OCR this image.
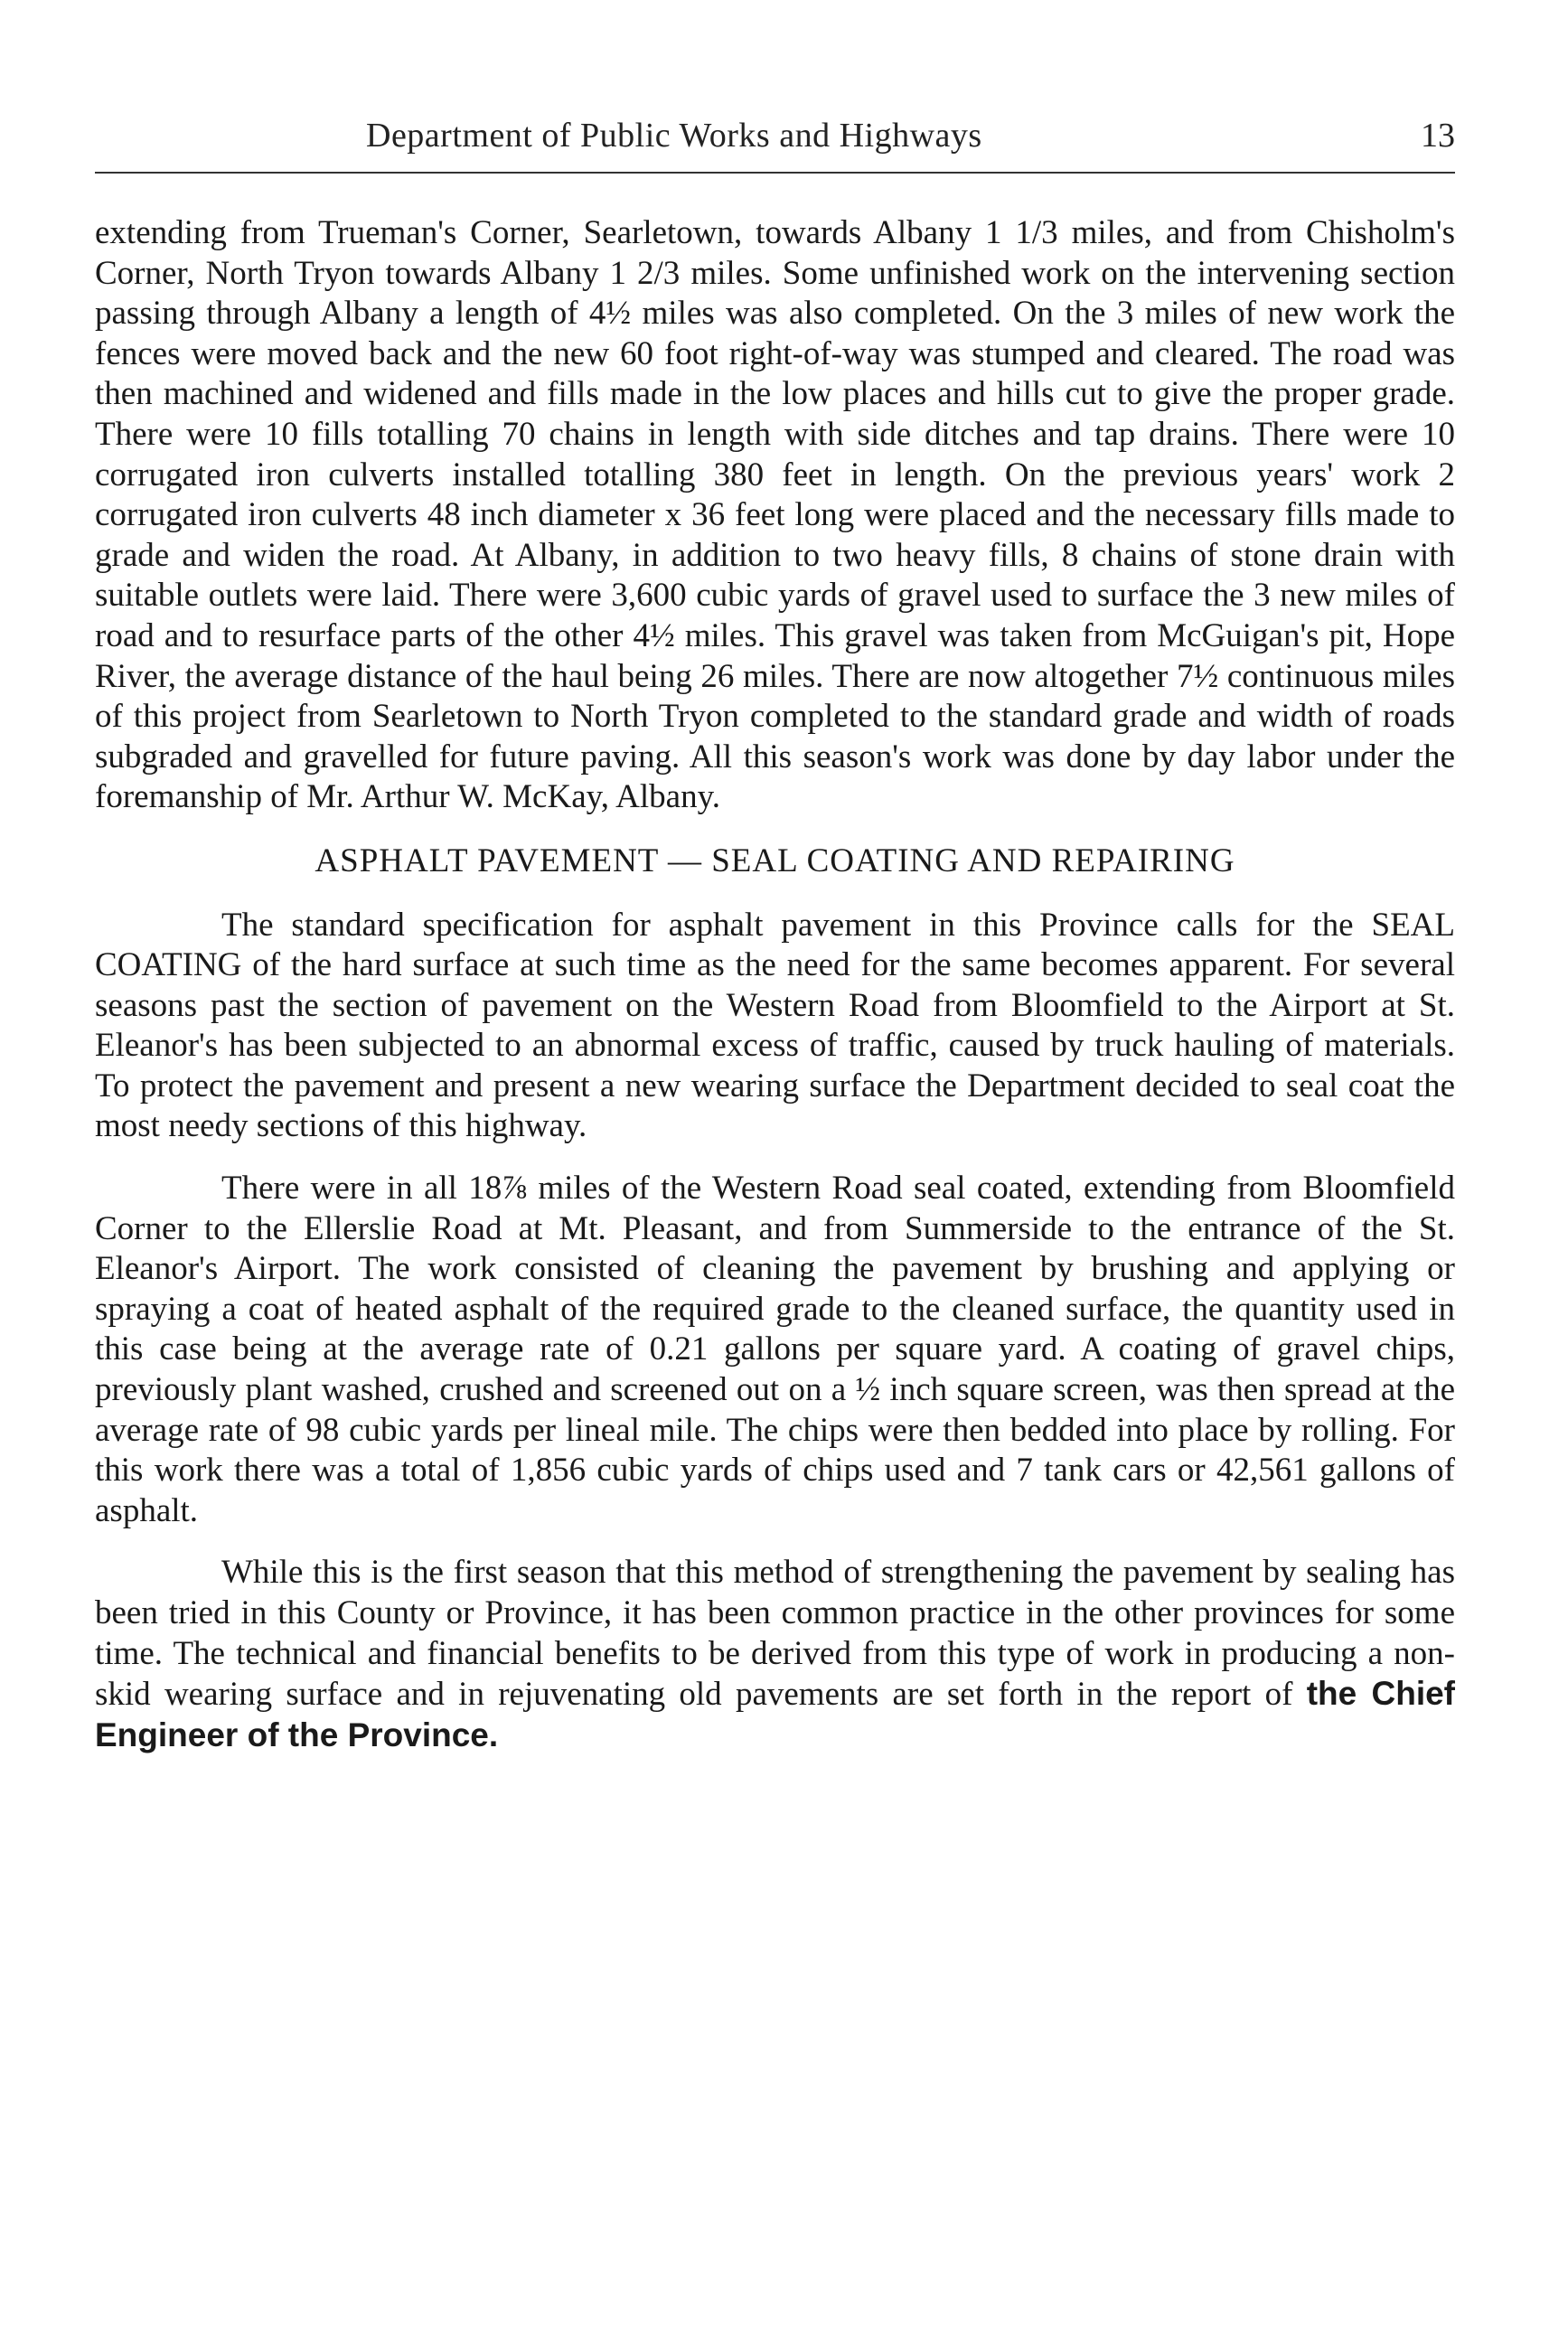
Department of Public Works and Highways	13

extending from Trueman's Corner, Searletown, towards Albany 1 1/3 miles, and from Chisholm's Corner, North Tryon towards Albany 1 2/3 miles. Some unfinished work on the intervening section passing through Albany a length of 4½ miles was also completed. On the 3 miles of new work the fences were moved back and the new 60 foot right-of-way was stumped and cleared. The road was then machined and widened and fills made in the low places and hills cut to give the proper grade. There were 10 fills totalling 70 chains in length with side ditches and tap drains. There were 10 corrugated iron culverts installed totalling 380 feet in length. On the previous years' work 2 corrugated iron culverts 48 inch diameter x 36 feet long were placed and the necessary fills made to grade and widen the road. At Albany, in addition to two heavy fills, 8 chains of stone drain with suitable outlets were laid. There were 3,600 cubic yards of gravel used to surface the 3 new miles of road and to resurface parts of the other 4½ miles. This gravel was taken from McGuigan's pit, Hope River, the average distance of the haul being 26 miles. There are now altogether 7½ continuous miles of this project from Searletown to North Tryon completed to the standard grade and width of roads subgraded and gravelled for future paving. All this season's work was done by day labor under the foremanship of Mr. Arthur W. McKay, Albany.

ASPHALT PAVEMENT — SEAL COATING AND REPAIRING

The standard specification for asphalt pavement in this Province calls for the SEAL COATING of the hard surface at such time as the need for the same becomes apparent. For several seasons past the section of pavement on the Western Road from Bloomfield to the Airport at St. Eleanor's has been subjected to an abnormal excess of traffic, caused by truck hauling of materials. To protect the pavement and present a new wearing surface the Department decided to seal coat the most needy sections of this highway.

There were in all 18⅞ miles of the Western Road seal coated, extending from Bloomfield Corner to the Ellerslie Road at Mt. Pleasant, and from Summerside to the entrance of the St. Eleanor's Airport. The work consisted of cleaning the pavement by brushing and applying or spraying a coat of heated asphalt of the required grade to the cleaned surface, the quantity used in this case being at the average rate of 0.21 gallons per square yard. A coating of gravel chips, previously plant washed, crushed and screened out on a ½ inch square screen, was then spread at the average rate of 98 cubic yards per lineal mile. The chips were then bedded into place by rolling. For this work there was a total of 1,856 cubic yards of chips used and 7 tank cars or 42,561 gallons of asphalt.

While this is the first season that this method of strengthening the pavement by sealing has been tried in this County or Province, it has been common practice in the other provinces for some time. The technical and financial benefits to be derived from this type of work in producing a non-skid wearing surface and in rejuvenating old pavements are set forth in the report of the Chief Engineer of the Province.
